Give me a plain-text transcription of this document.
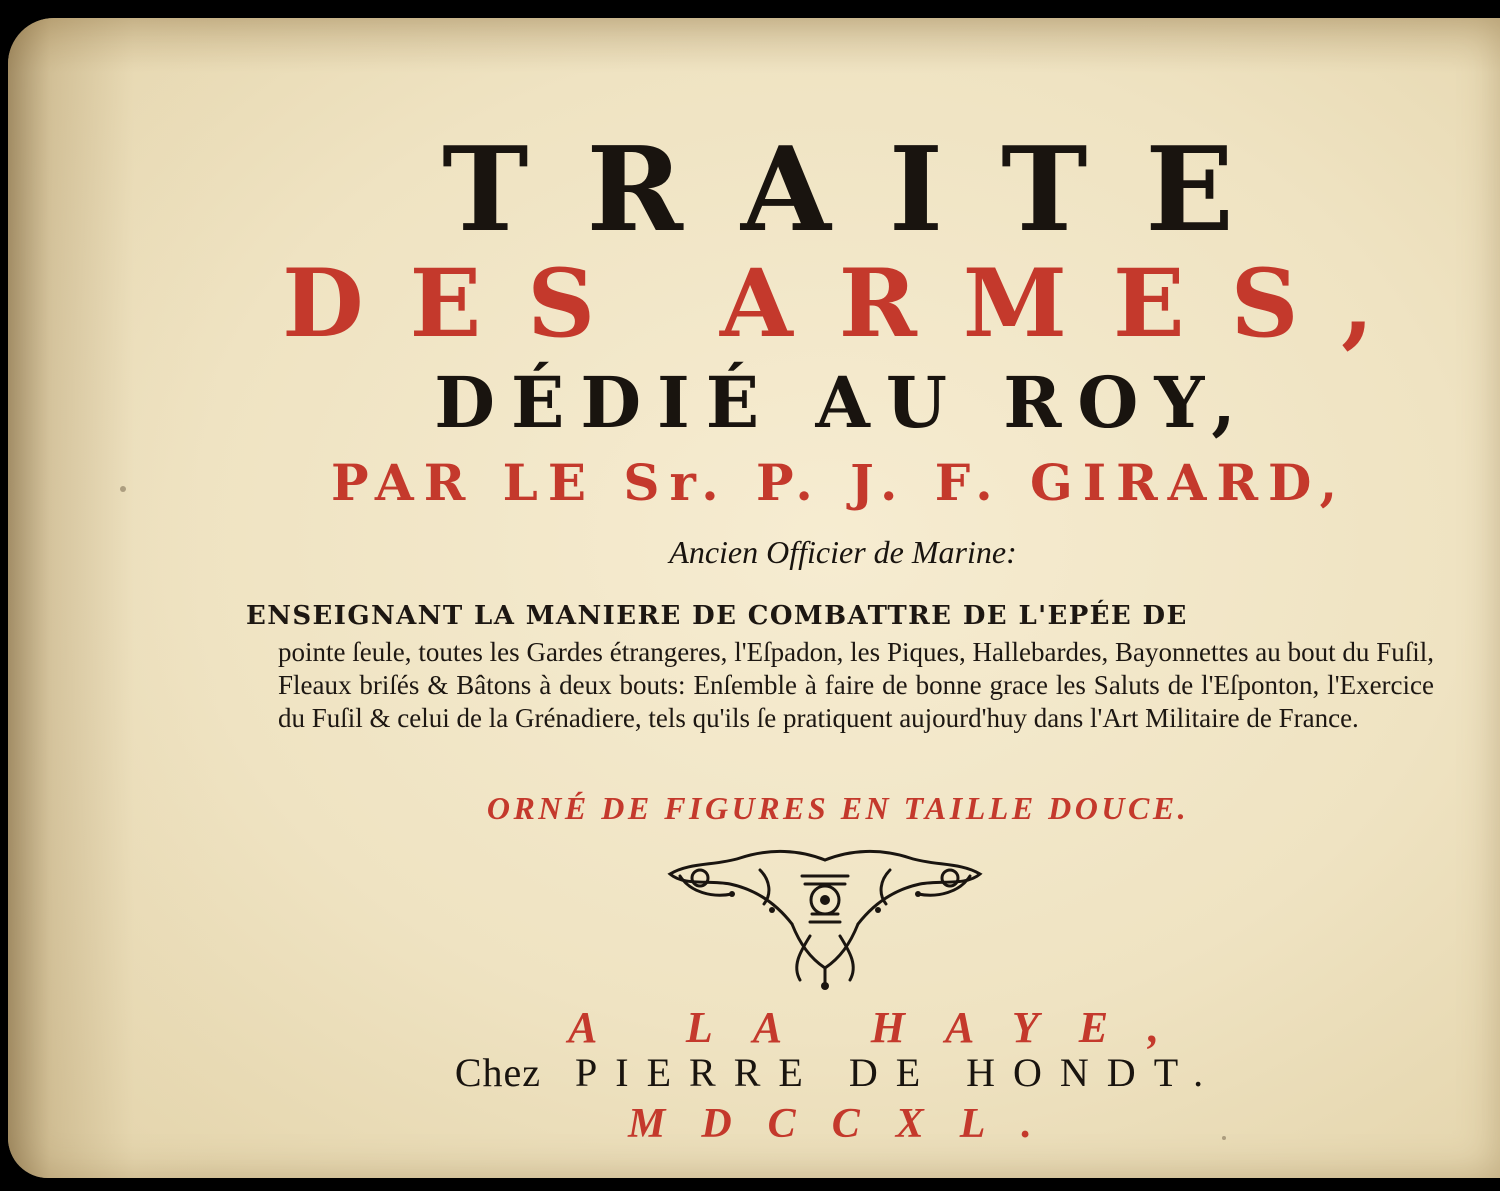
TRAITE
DES ARMES,
DÉDIÉ AU ROY,
PAR LE Sr. P. J. F. GIRARD,
Ancien Officier de Marine:
ENSEIGNANT LA MANIERE DE COMBATTRE DE L'EPÉE DE
pointe ſeule, toutes les Gardes étrangeres, l'Eſpadon, les Piques, Hallebardes, Bayonnettes au bout du Fuſil, Fleaux briſés & Bâtons à deux bouts: Enſemble à faire de bonne grace les Saluts de l'Eſponton, l'Exercice du Fuſil & celui de la Grénadiere, tels qu'ils ſe pratiquent aujourd'huy dans l'Art Militaire de France.
ORNÉ DE FIGURES EN TAILLE DOUCE.
A LA HAYE,
Chez PIERRE DE HONDT.
MDCCXL.
